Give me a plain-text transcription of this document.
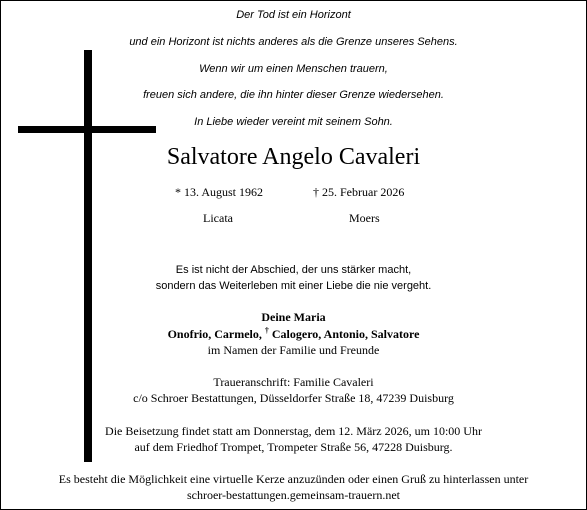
Der Tod ist ein Horizont
und ein Horizont ist nichts anderes als die Grenze unseres Sehens.
Wenn wir um einen Menschen trauern,
freuen sich andere, die ihn hinter dieser Grenze wiedersehen.
In Liebe wieder vereint mit seinem Sohn.
Salvatore Angelo Cavaleri
* 13. August 1962	† 25. Februar 2026
Licata	Moers
Es ist nicht der Abschied, der uns stärker macht,
sondern das Weiterleben mit einer Liebe die nie vergeht.
Deine Maria
Onofrio, Carmelo, † Calogero, Antonio, Salvatore
im Namen der Familie und Freunde
Traueranschrift: Familie Cavaleri
c/o Schroer Bestattungen, Düsseldorfer Straße 18, 47239 Duisburg
Die Beisetzung findet statt am Donnerstag, dem 12. März 2026, um 10:00 Uhr
auf dem Friedhof Trompet, Trompeter Straße 56, 47228 Duisburg.
Es besteht die Möglichkeit eine virtuelle Kerze anzuzünden oder einen Gruß zu hinterlassen unter
schroer-bestattungen.gemeinsam-trauern.net
